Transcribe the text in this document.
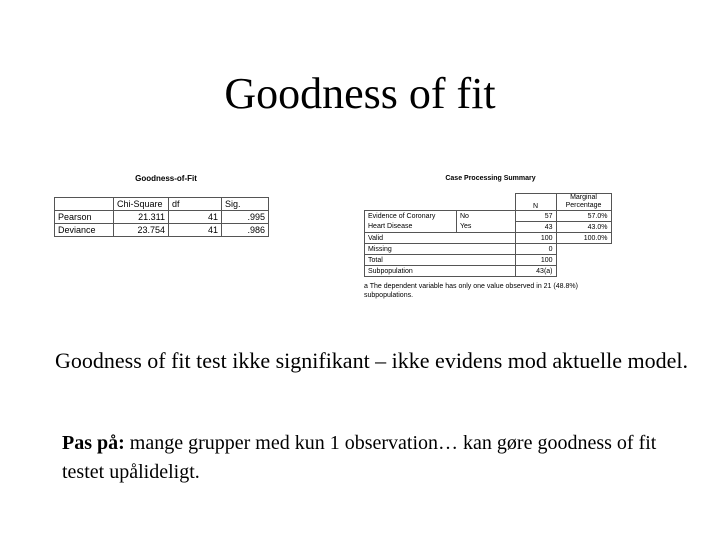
Goodness of fit
Goodness-of-Fit
	Chi-Square	df	Sig.
Pearson	21.311	41	.995
Deviance	23.754	41	.986
Case Processing Summary
		N	Marginal Percentage
Evidence of Coronary	No	57	57.0%
Heart Disease	Yes	43	43.0%
Valid		100	100.0%
Missing		0	
Total		100	
Subpopulation		43(a)	
a The dependent variable has only one value observed in 21 (48.8%) subpopulations.
Goodness of fit test ikke signifikant – ikke evidens mod aktuelle model.
Pas på: mange grupper med kun 1 observation… kan gøre goodness of fit testet upålideligt.
